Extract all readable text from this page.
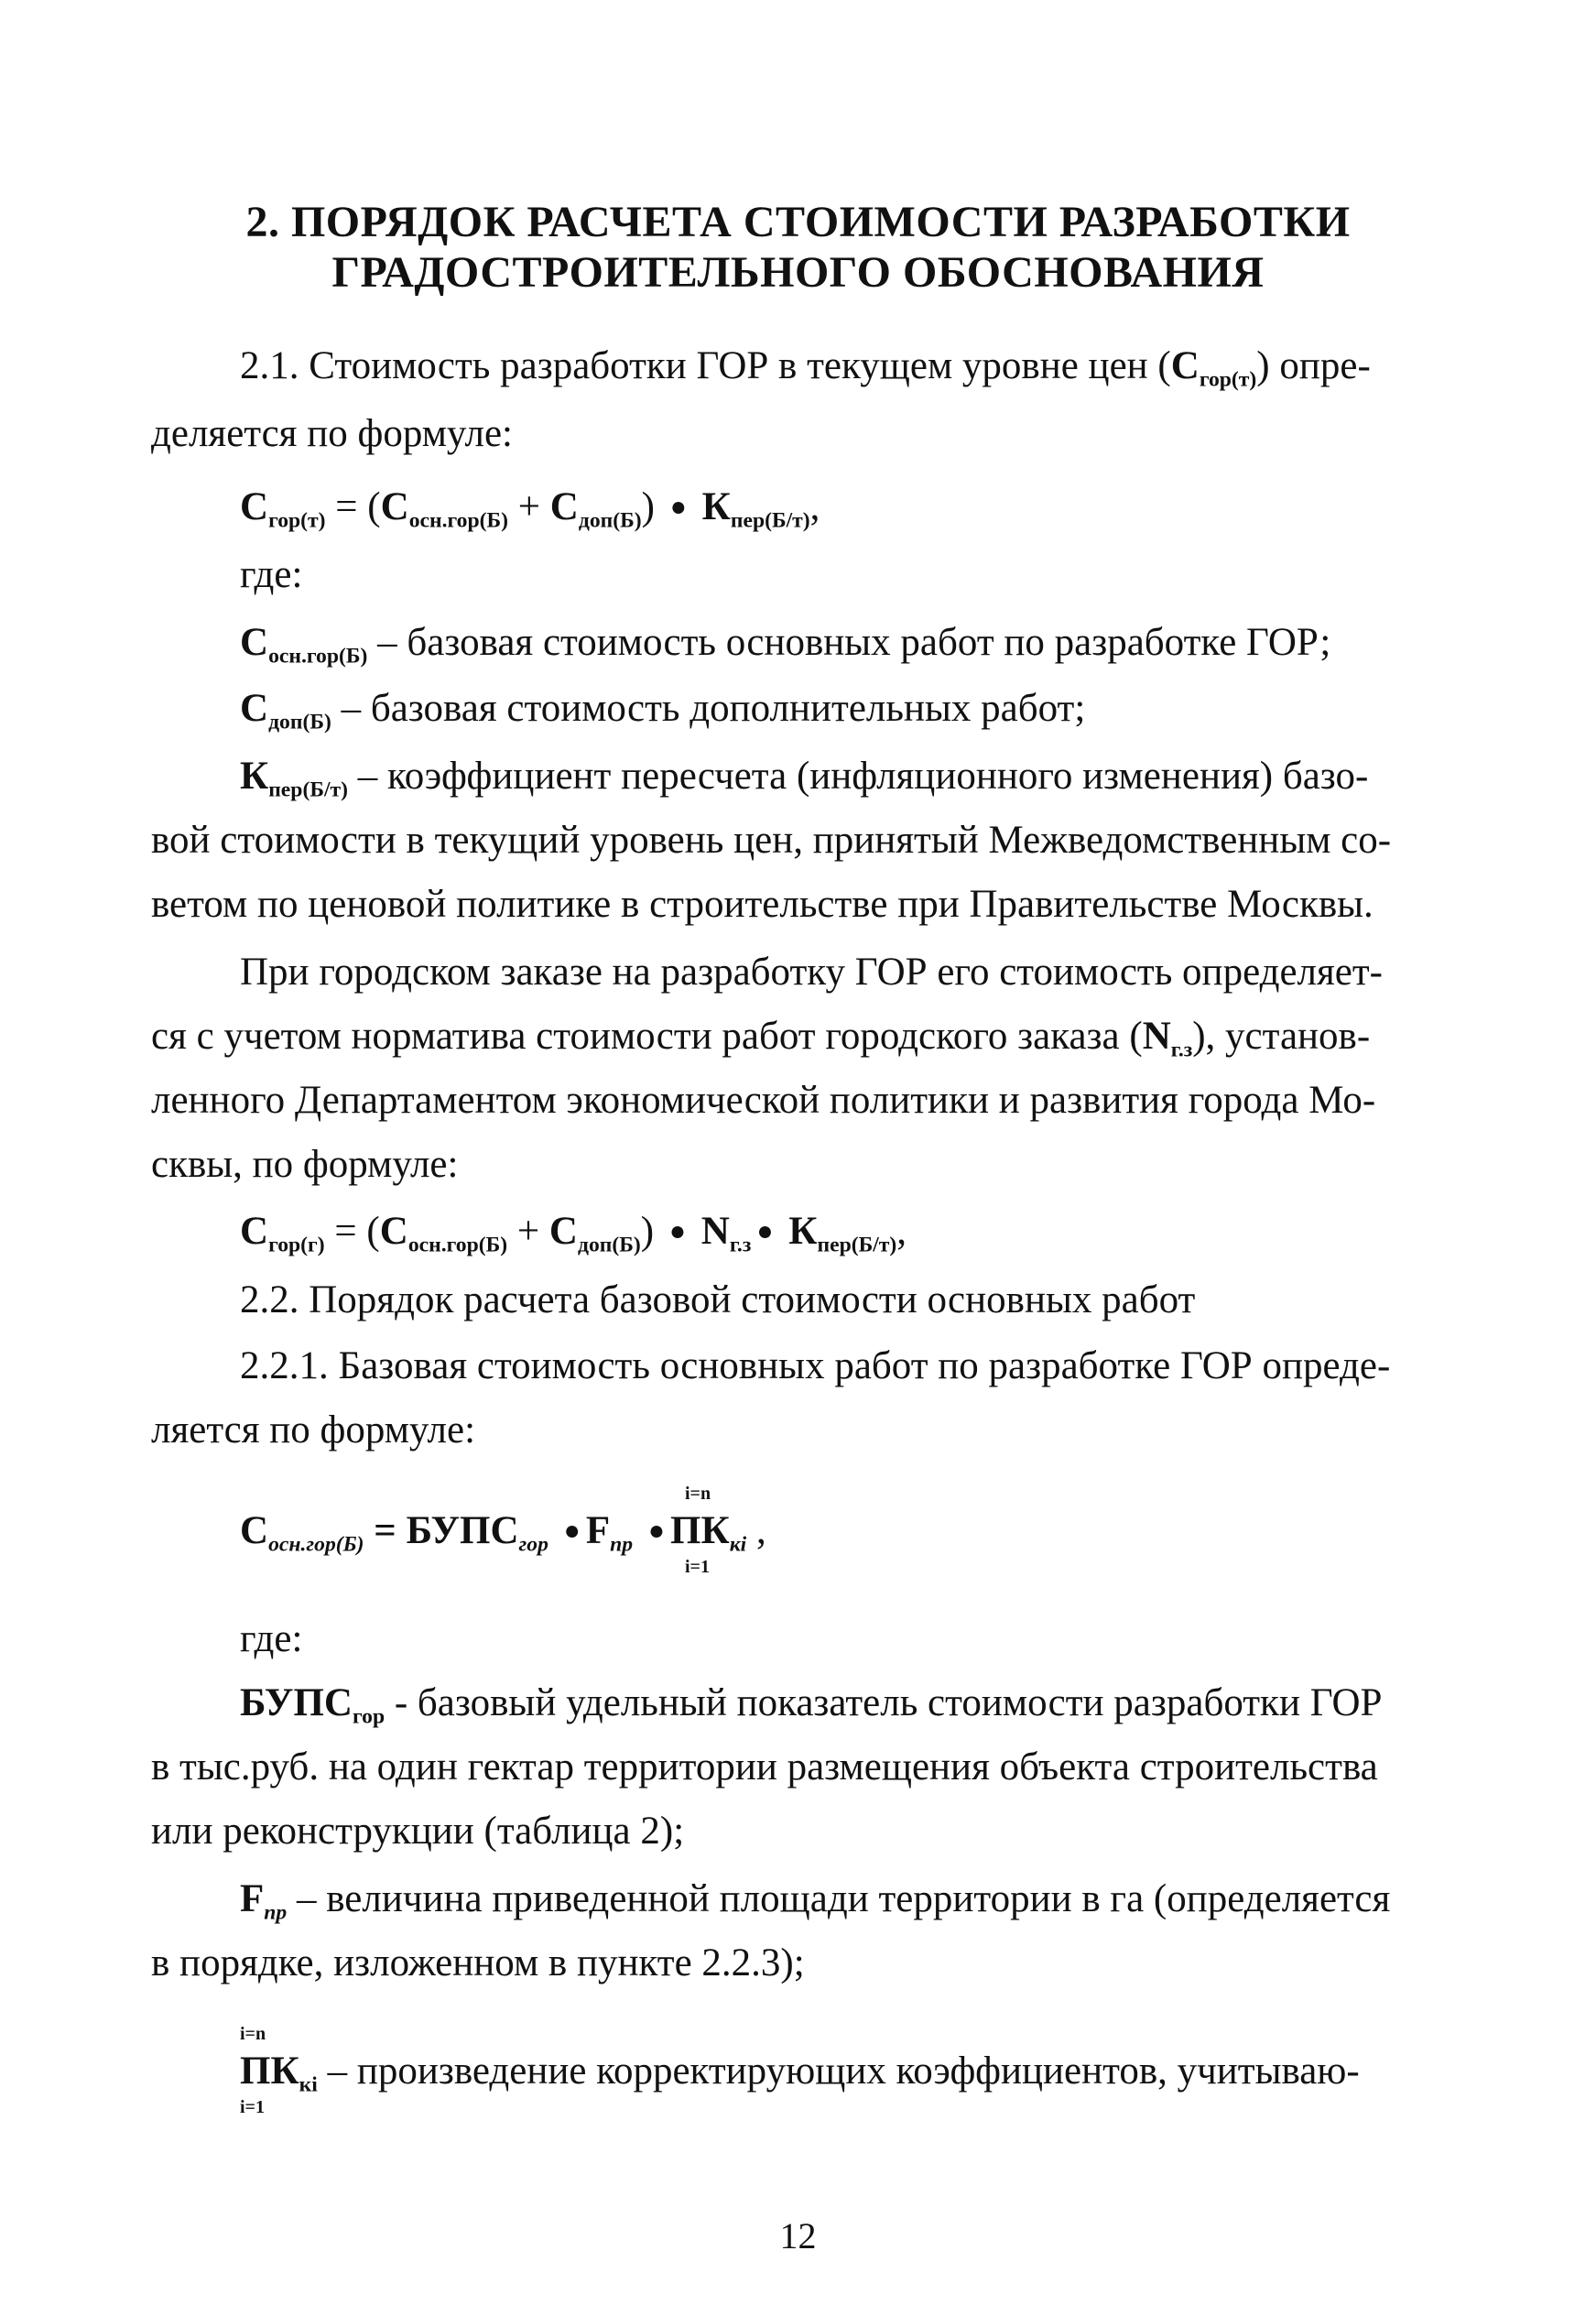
2. ПОРЯДОК РАСЧЕТА СТОИМОСТИ РАЗРАБОТКИ
ГРАДОСТРОИТЕЛЬНОГО ОБОСНОВАНИЯ
2.1. Стоимость разработки ГОР в текущем уровне цен $(С_{гор(т)})$ опре-
деляется по формуле:
$С_{гор(т)} = (С_{осн.гор(Б)} + С_{доп(Б)})$ ● $К_{пер(Б/т)}$,
где:
$С_{осн.гор(Б)}$ – базовая стоимость основных работ по разработке ГОР;
$С_{доп(Б)}$ – базовая стоимость дополнительных работ;
$К_{пер(Б/т)}$ – коэффициент пересчета (инфляционного изменения) базо-
вой стоимости в текущий уровень цен, принятый Межведомственным со-
ветом по ценовой политике в строительстве при Правительстве Москвы.
При городском заказе на разработку ГОР его стоимость определяет-
ся с учетом норматива стоимости работ городского заказа $(N_{г.з})$, установ-
ленного Департаментом экономической политики и развития города Мо-
сквы, по формуле:
$С_{гор(г)} = (С_{осн.гор(Б)} + С_{доп(Б)})$ ● $N_{г.з}$ ● $К_{пер(Б/т)}$,
2.2. Порядок расчета базовой стоимости основных работ
2.2.1. Базовая стоимость основных работ по разработке ГОР опреде-
ляется по формуле:
i=n
$С_{осн.гор(Б)}$ = $БУПС_{гор}$ ● $F_{пр}$ ● $ПК_{кi}$ ,
i=1
где:
$БУПС_{гор}$ - базовый удельный показатель стоимости разработки ГОР
в тыс.руб. на один гектар территории размещения объекта строительства
или реконструкции (таблица 2);
$F_{пр}$ – величина приведенной площади территории в га (определяется
в порядке, изложенном в пункте 2.2.3);
i=n
$ПК_{кi}$ – произведение корректирующих коэффициентов, учитываю-
i=1
12
